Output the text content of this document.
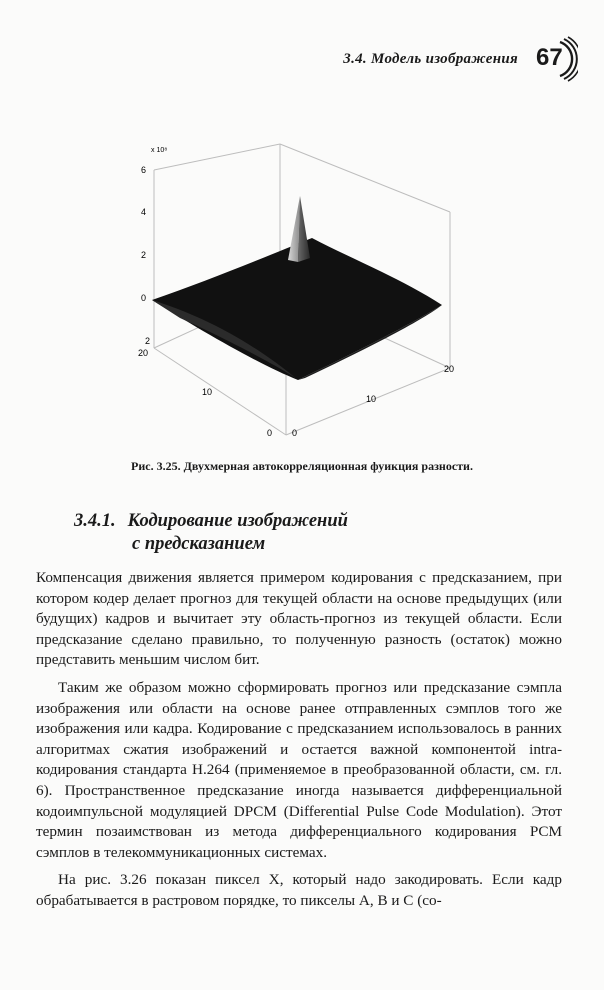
3.4. Модель изображения 67
x 10⁸
6
4
2
0
2
20
10
0 0
10
20
Рис. 3.25. Двухмерная автокорреляционная фуикция разности.
3.4.1. Кодирование изображений
с предсказанием

Компенсация движения является примером кодирования с предсказанием, при котором кодер делает прогноз для текущей области на основе предыдущих (или будущих) кадров и вычитает эту область-прогноз из текущей области. Если предсказание сделано правильно, то полученную разность (остаток) можно представить меньшим числом бит.

Таким же образом можно сформировать прогноз или предсказание сэмпла изображения или области на основе ранее отправленных сэмплов того же изображения или кадра. Кодирование с предсказанием использовалось в ранних алгоритмах сжатия изображений и остается важной компонентой intra-кодирования стандарта H.264 (применяемое в преобразованной области, см. гл. 6). Пространственное предсказание иногда называется дифференциальной кодоимпульсной модуляцией DPCM (Differential Pulse Code Modulation). Этот термин позаимствован из метода дифференциального кодирования PCM сэмплов в телекоммуникационных системах.

На рис. 3.26 показан пиксел X, который надо закодировать. Если кадр обрабатывается в растровом порядке, то пикселы A, B и C (со-
